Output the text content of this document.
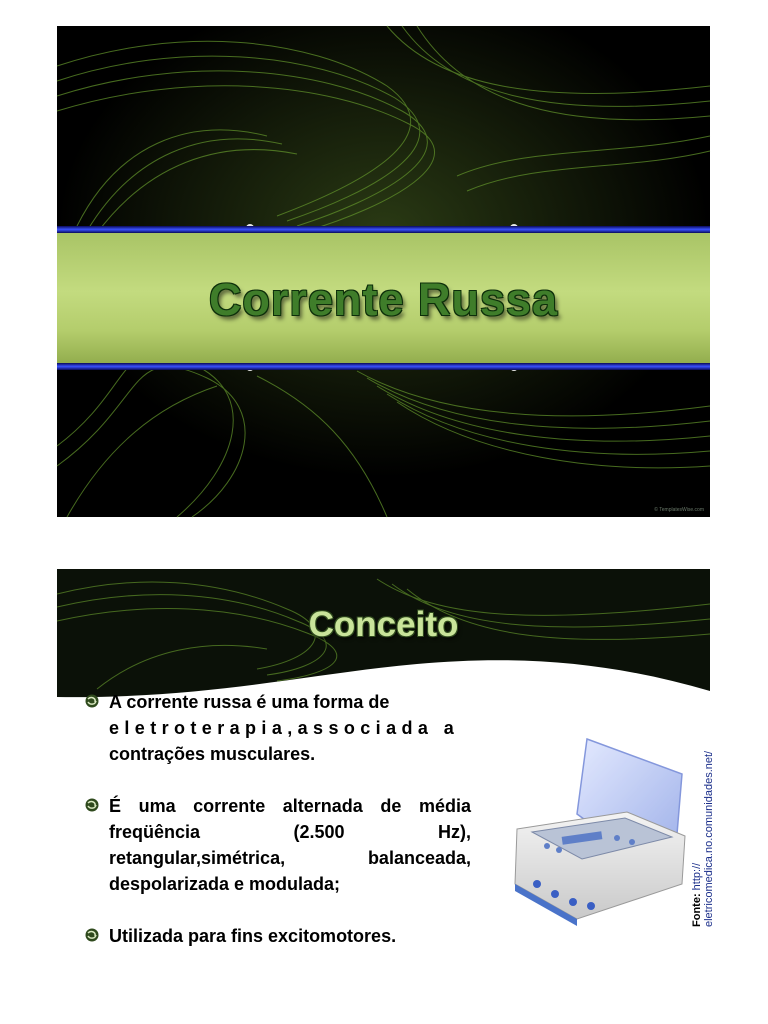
Corrente Russa
© TemplatesWise.com
Conceito
A corrente russa é uma forma de
eletroterapia,associada a
contrações musculares.
É uma corrente alternada de média freqüência (2.500 Hz), retangular,simétrica, balanceada, despolarizada e modulada;
Utilizada para fins excitomotores.
Fonte: http:// eletricomedica.no.comunidades.net/
